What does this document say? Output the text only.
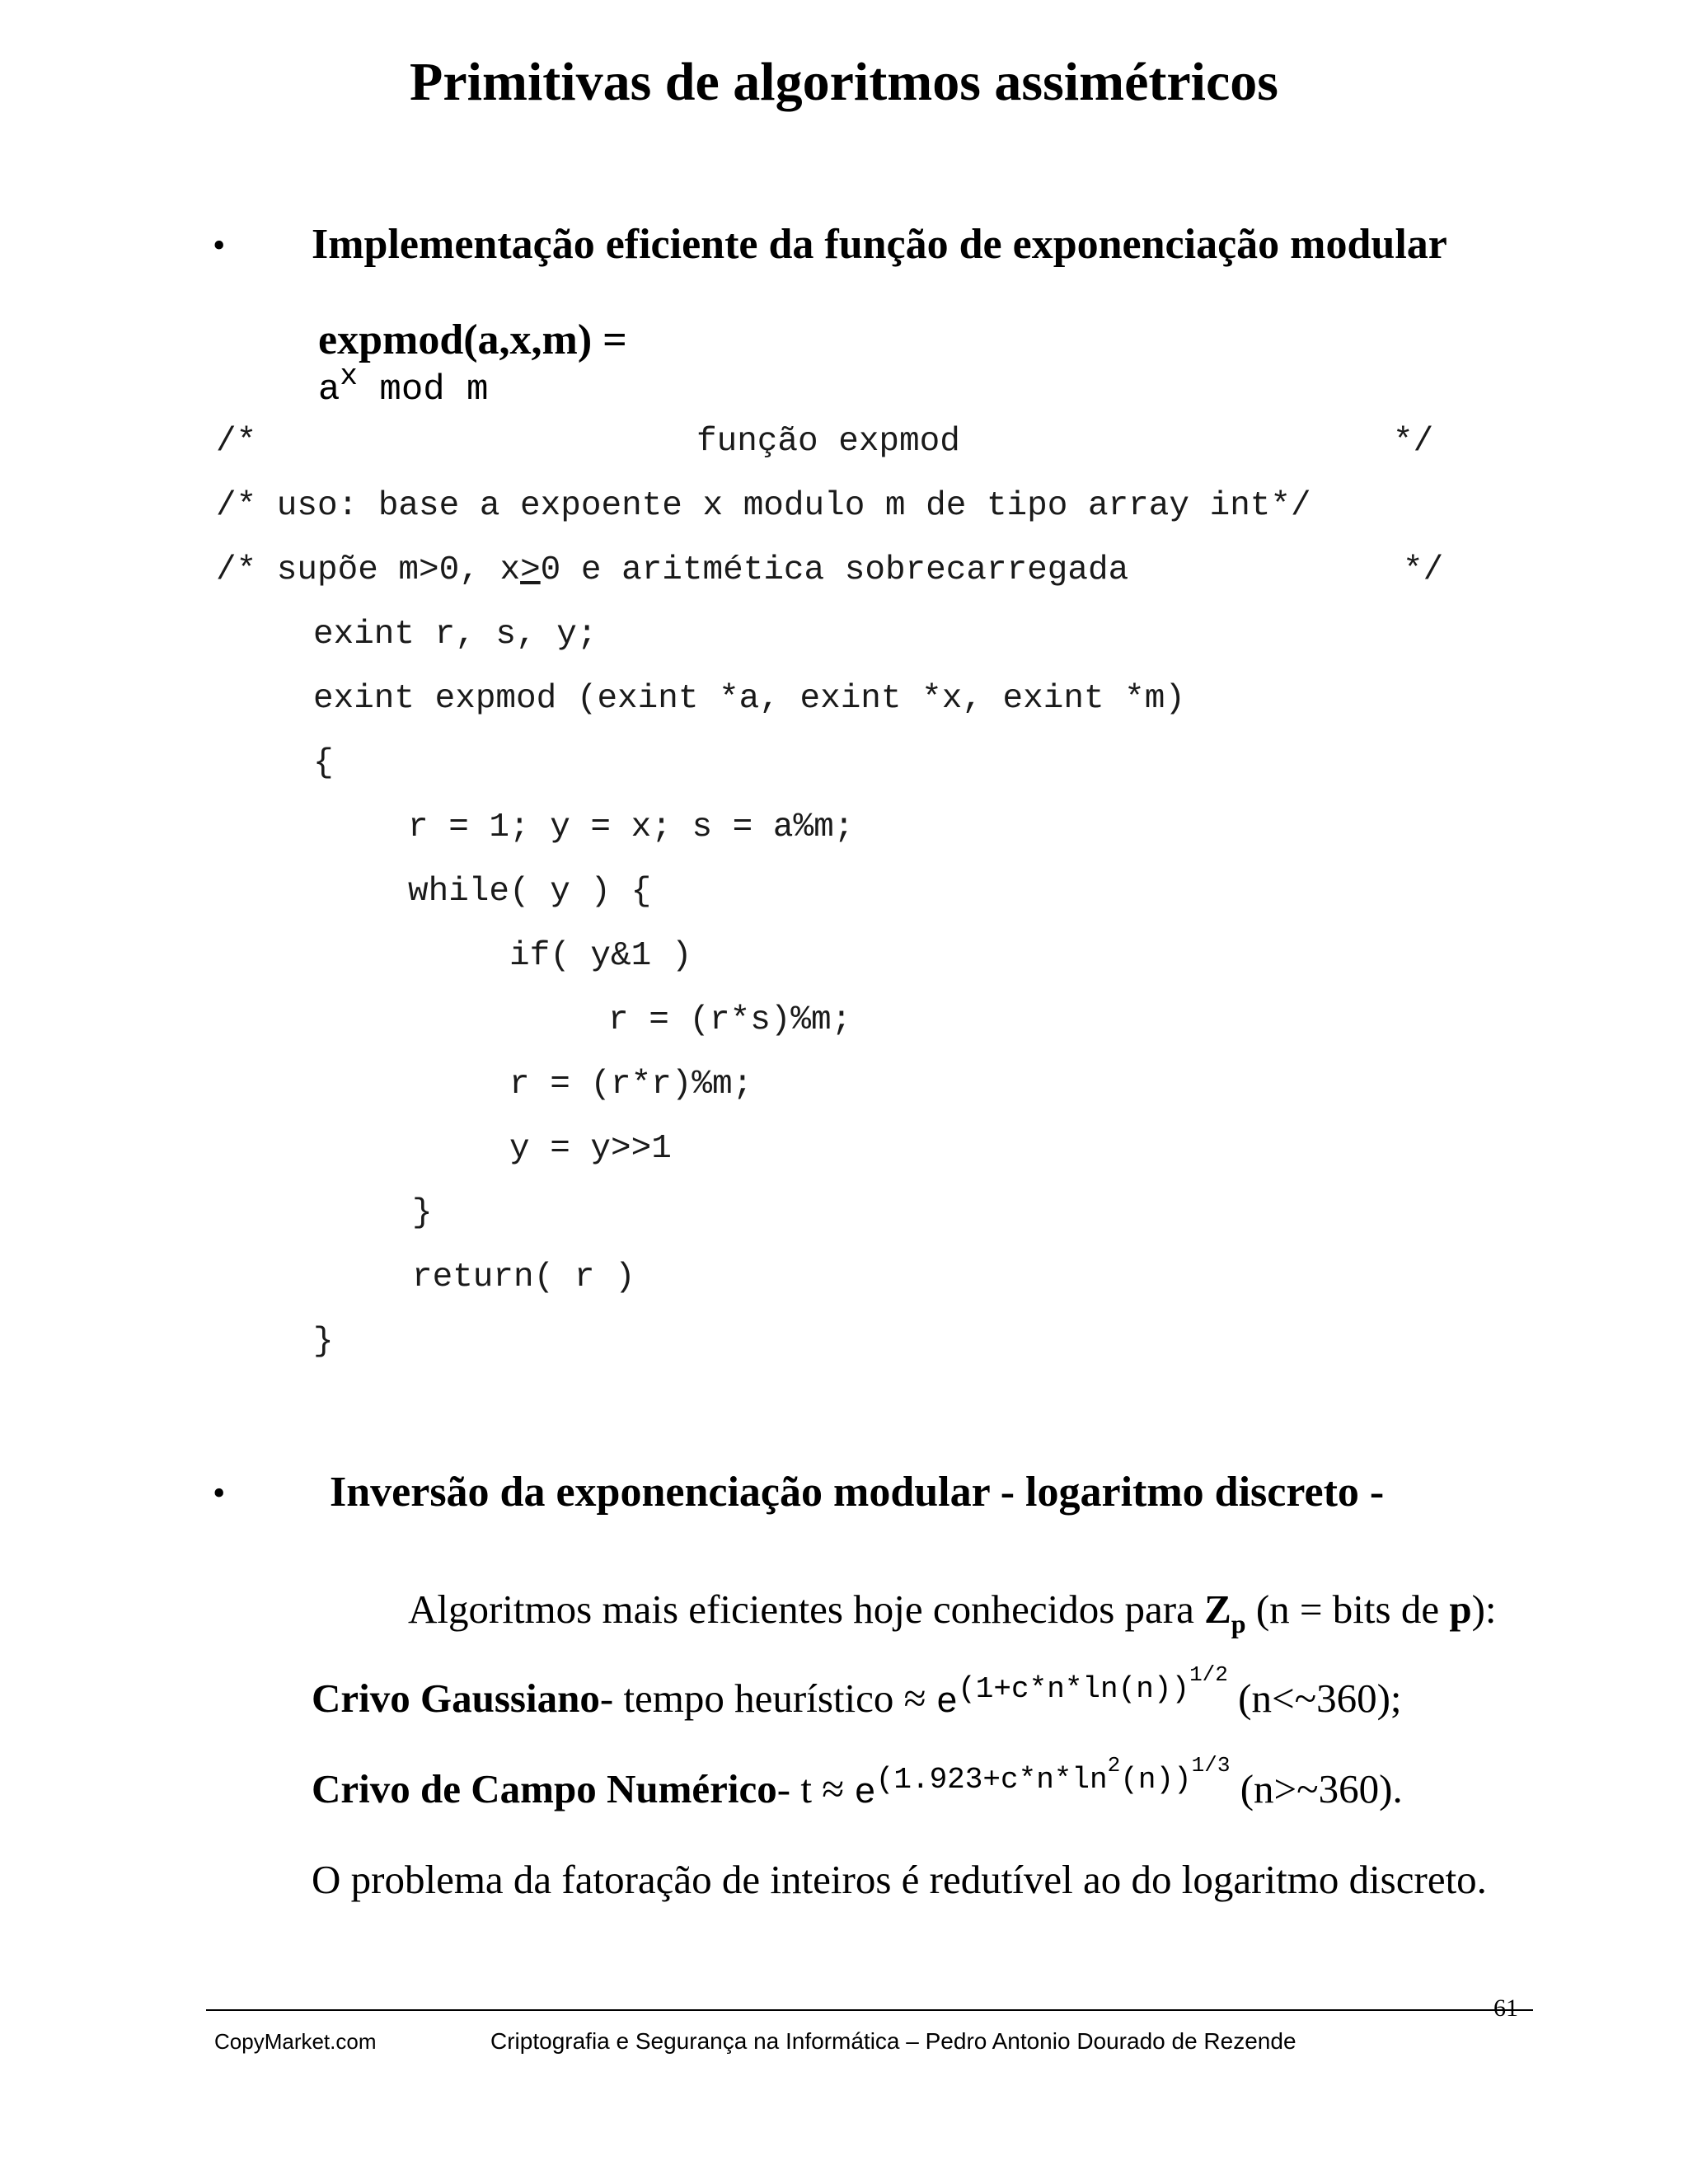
Primitivas de algoritmos assimétricos
• Implementação eficiente da função de exponenciação modular

expmod(a,x,m) =
ax mod m

/*	função expmod	*/
/* uso: base a expoente x modulo m de tipo array int*/
/* supõe m>0, x≥0 e aritmética sobrecarregada	*/
exint r, s, y;
exint expmod (exint *a, exint *x, exint *m)
{
r = 1; y = x; s = a%m;
while( y ) {
if( y&1 )
r = (r*s)%m;
r = (r*r)%m;
y = y>>1
}
return( r )
}
• Inversão da exponenciação modular - logaritmo discreto -
Algoritmos mais eficientes hoje conhecidos para $Z_p$ (n = bits de p):
Crivo Gaussiano- tempo heurístico ≈ $e^{(1+c*n*ln(n))1/2}$ (n<~360);
Crivo de Campo Numérico- $t \approx e^{(1.923+c*n*ln2(n))1/3}$ (n>~360).
O problema da fatoração de inteiros é redutível ao do logaritmo discreto.
61
CopyMarket.com	Criptografia e Segurança na Informática – Pedro Antonio Dourado de Rezende
